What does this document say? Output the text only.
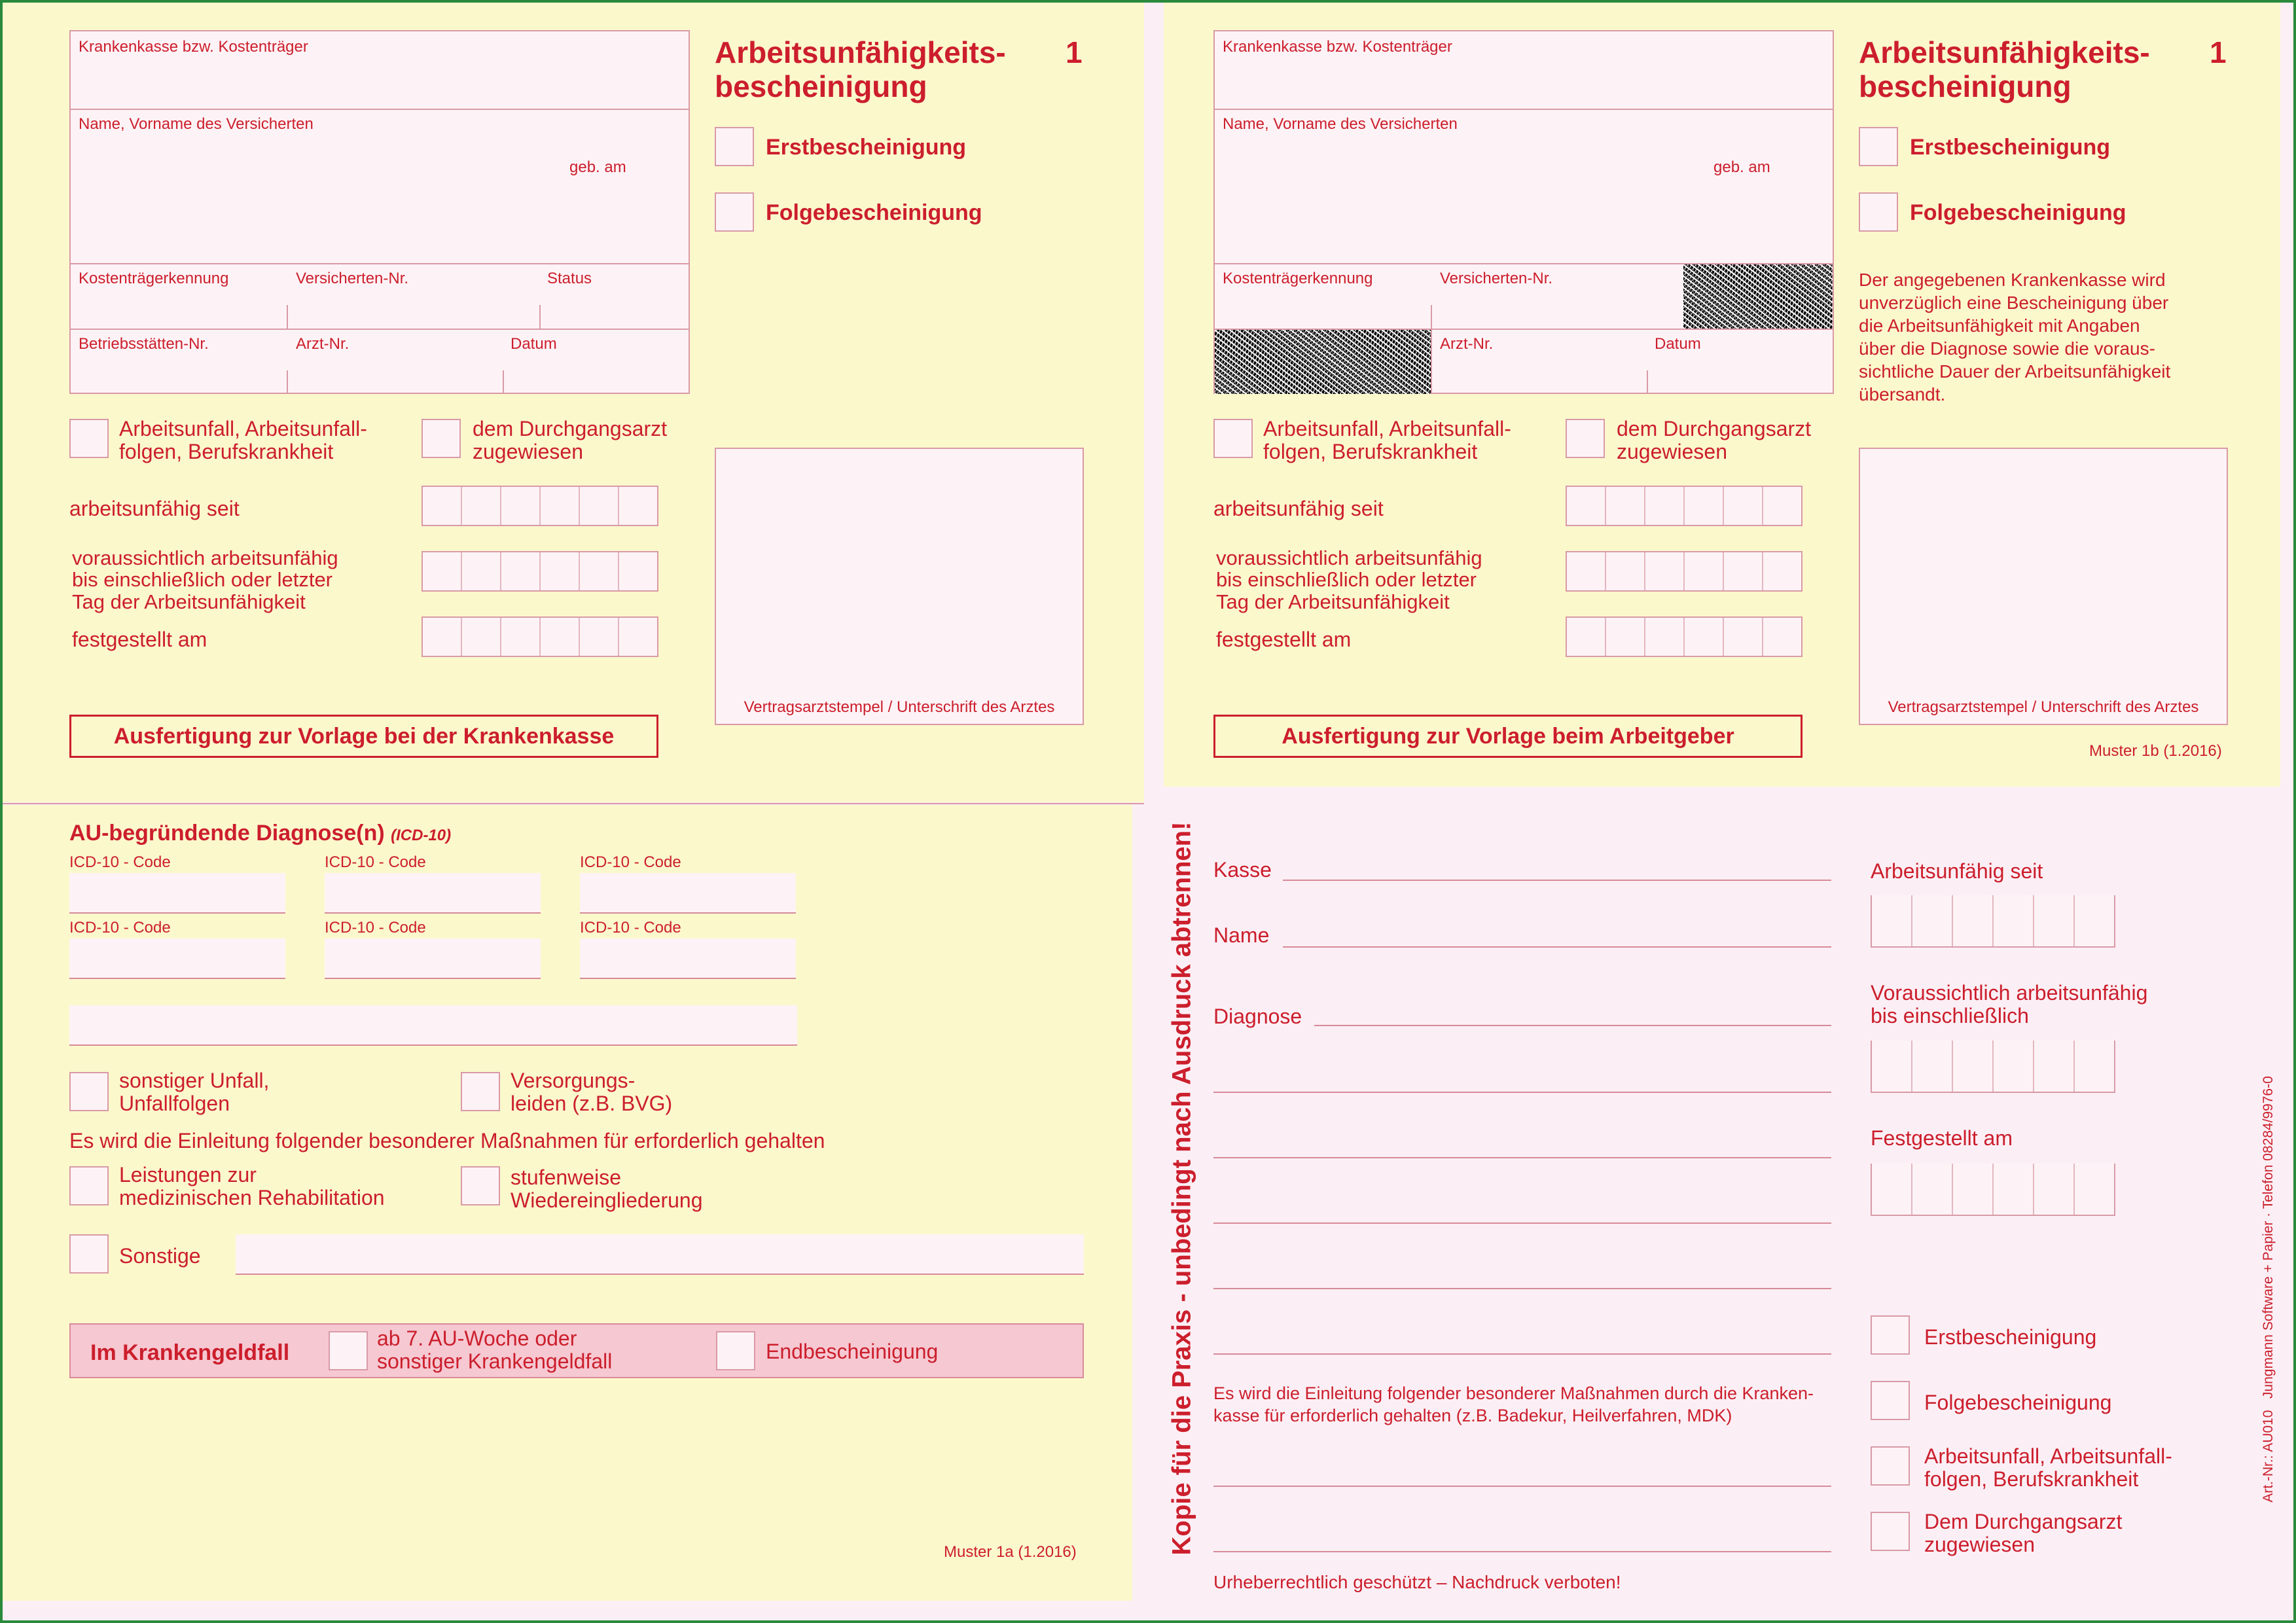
Krankenkasse bzw. Kostenträger
Name, Vorname des Versicherten
geb. am
Kostenträgerkennung	Versicherten-Nr.	Status
Betriebsstätten-Nr.	Arzt-Nr.	Datum
Arbeitsunfähigkeits-
bescheinigung
1
Erstbescheinigung
Folgebescheinigung
Arbeitsunfall, Arbeitsunfall-
folgen, Berufskrankheit
dem Durchgangsarzt
zugewiesen
arbeitsunfähig seit
voraussichtlich arbeitsunfähig
bis einschließlich oder letzter
Tag der Arbeitsunfähigkeit
festgestellt am
Vertragsarztstempel / Unterschrift des Arztes
Ausfertigung zur Vorlage bei der Krankenkasse
Krankenkasse bzw. Kostenträger
Name, Vorname des Versicherten
geb. am
Kostenträgerkennung	Versicherten-Nr.
Arzt-Nr.	Datum
Arbeitsunfähigkeits-
bescheinigung
1
Erstbescheinigung
Folgebescheinigung
Der angegebenen Krankenkasse wird
unverzüglich eine Bescheinigung über
die Arbeitsunfähigkeit mit Angaben
über die Diagnose sowie die voraus-
sichtliche Dauer der Arbeitsunfähigkeit
übersandt.
Arbeitsunfall, Arbeitsunfall-
folgen, Berufskrankheit
dem Durchgangsarzt
zugewiesen
arbeitsunfähig seit
voraussichtlich arbeitsunfähig
bis einschließlich oder letzter
Tag der Arbeitsunfähigkeit
festgestellt am
Vertragsarztstempel / Unterschrift des Arztes
Ausfertigung zur Vorlage beim Arbeitgeber
Muster 1b (1.2016)
AU-begründende Diagnose(n) (ICD-10)
ICD-10 - Code	ICD-10 - Code	ICD-10 - Code
ICD-10 - Code	ICD-10 - Code	ICD-10 - Code
sonstiger Unfall,
Unfallfolgen
Versorgungs-
leiden (z.B. BVG)
Es wird die Einleitung folgender besonderer Maßnahmen für erforderlich gehalten
Leistungen zur
medizinischen Rehabilitation
stufenweise
Wiedereingliederung
Sonstige
Im Krankengeldfall
ab 7. AU-Woche oder
sonstiger Krankengeldfall	Endbescheinigung
Muster 1a (1.2016)	Kopie für die Praxis - unbedingt nach Ausdruck abtrennen! Kasse
Name
Diagnose
Es wird die Einleitung folgender besonderer Maßnahmen durch die Kranken-
kasse für erforderlich gehalten (z.B. Badekur, Heilverfahren, MDK)
Urheberrechtlich geschützt – Nachdruck verboten!
Arbeitsunfähig seit
Voraussichtlich arbeitsunfähig
bis einschließlich
Festgestellt am
Erstbescheinigung
Folgebescheinigung
Arbeitsunfall, Arbeitsunfall-
folgen, Berufskrankheit
Dem Durchgangsarzt
zugewiesen
Art.-Nr.: AU010   Jungmann Software + Papier · Telefon 08284/9976-0
